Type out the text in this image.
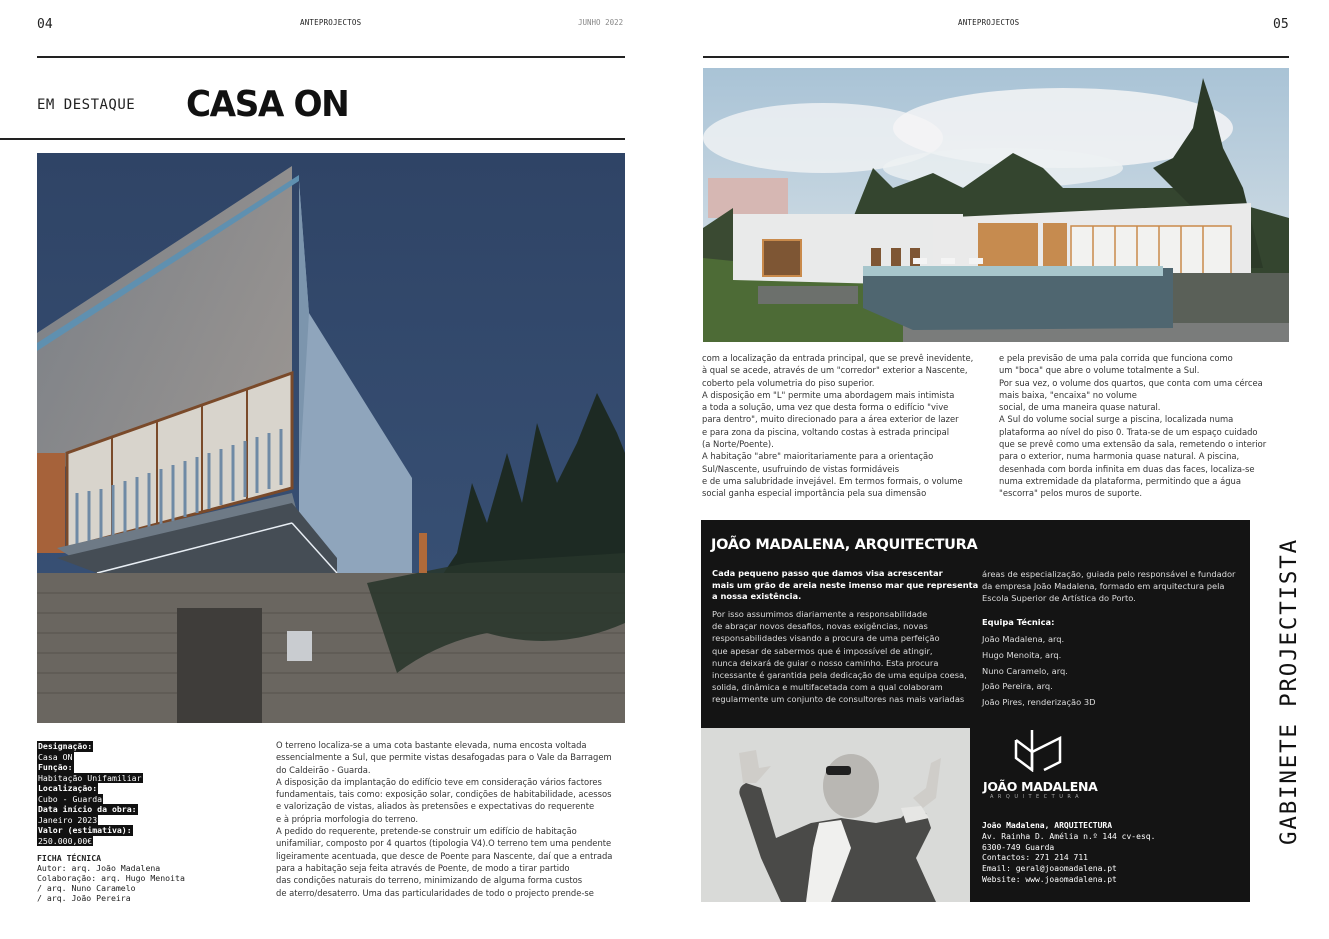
04	ANTEPROJECTOS	JUNHO 2022
EM DESTAQUE CASA ON
Designação:
Casa ON
Função:
Habitação Unifamiliar
Localização:
Cubo - Guarda
Data início da obra:
Janeiro 2023
Valor (estimativa):
250.000,00€
FICHA TÉCNICA
Autor: arq. João Madalena
Colaboração: arq. Hugo Menoita
/ arq. Nuno Caramelo
/ arq. João Pereira

O terreno localiza-se a uma cota bastante elevada, numa encosta voltada

essencialmente a Sul, que permite vistas desafogadas para o Vale da Barragem

do Caldeirão - Guarda.

A disposição da implantação do edifício teve em consideração vários factores

fundamentais, tais como: exposição solar, condições de habitabilidade, acessos

e valorização de vistas, aliados às pretensões e expectativas do requerente

e à própria morfologia do terreno.

A pedido do requerente, pretende-se construir um edifício de habitação

unifamiliar, composto por 4 quartos (tipologia V4).O terreno tem uma pendente

ligeiramente acentuada, que desce de Poente para Nascente, daí que a entrada

para a habitação seja feita através de Poente, de modo a tirar partido

das condições naturais do terreno, minimizando de alguma forma custos

de aterro/desaterro. Uma das particularidades de todo o projecto prende-se

ANTEPROJECTOS	05

com a localização da entrada principal, que se prevê inevidente,

à qual se acede, através de um "corredor" exterior a Nascente,

coberto pela volumetria do piso superior.

A disposição em "L" permite uma abordagem mais intimista

a toda a solução, uma vez que desta forma o edifício "vive

para dentro", muito direcionado para a área exterior de lazer

e para zona da piscina, voltando costas à estrada principal

(a Norte/Poente).

A habitação "abre" maioritariamente para a orientação

Sul/Nascente, usufruindo de vistas formidáveis

e de uma salubridade invejável. Em termos formais, o volume

social ganha especial importância pela sua dimensão

e pela previsão de uma pala corrida que funciona como

um "boca" que abre o volume totalmente a Sul.

Por sua vez, o volume dos quartos, que conta com uma cércea

mais baixa, "encaixa" no volume

social, de uma maneira quase natural.

A Sul do volume social surge a piscina, localizada numa

plataforma ao nível do piso 0. Trata-se de um espaço cuidado

que se prevê como uma extensão da sala, remetendo o interior

para o exterior, numa harmonia quase natural. A piscina,

desenhada com borda infinita em duas das faces, localiza-se

numa extremidade da plataforma, permitindo que a água

"escorra" pelos muros de suporte.

JOÃO MADALENA, ARQUITECTURA
Cada pequeno passo que damos visa acrescentar
mais um grão de areia neste imenso mar que representa
a nossa existência.
Por isso assumimos diariamente a responsabilidade
de abraçar novos desafios, novas exigências, novas
responsabilidades visando a procura de uma perfeição
que apesar de sabermos que é impossível de atingir,
nunca deixará de guiar o nosso caminho. Esta procura
incessante é garantida pela dedicação de uma equipa coesa,
solida, dinâmica e multifacetada com a qual colaboram
regularmente um conjunto de consultores nas mais variadas
áreas de especialização, guiada pelo responsável e fundador
da empresa João Madalena, formado em arquitectura pela
Escola Superior de Artística do Porto.
Equipa Técnica:
João Madalena, arq.
Hugo Menoita, arq.
Nuno Caramelo, arq.
João Pereira, arq.
João Pires, renderização 3D
JOÃO MADALENA
ARQUITECTURA
João Madalena, ARQUITECTURA
Av. Rainha D. Amélia n.º 144 cv-esq.
6300-749 Guarda
Contactos: 271 214 711
Email: geral@joaomadalena.pt
Website: www.joaomadalena.pt
GABINETE PROJECTISTA
